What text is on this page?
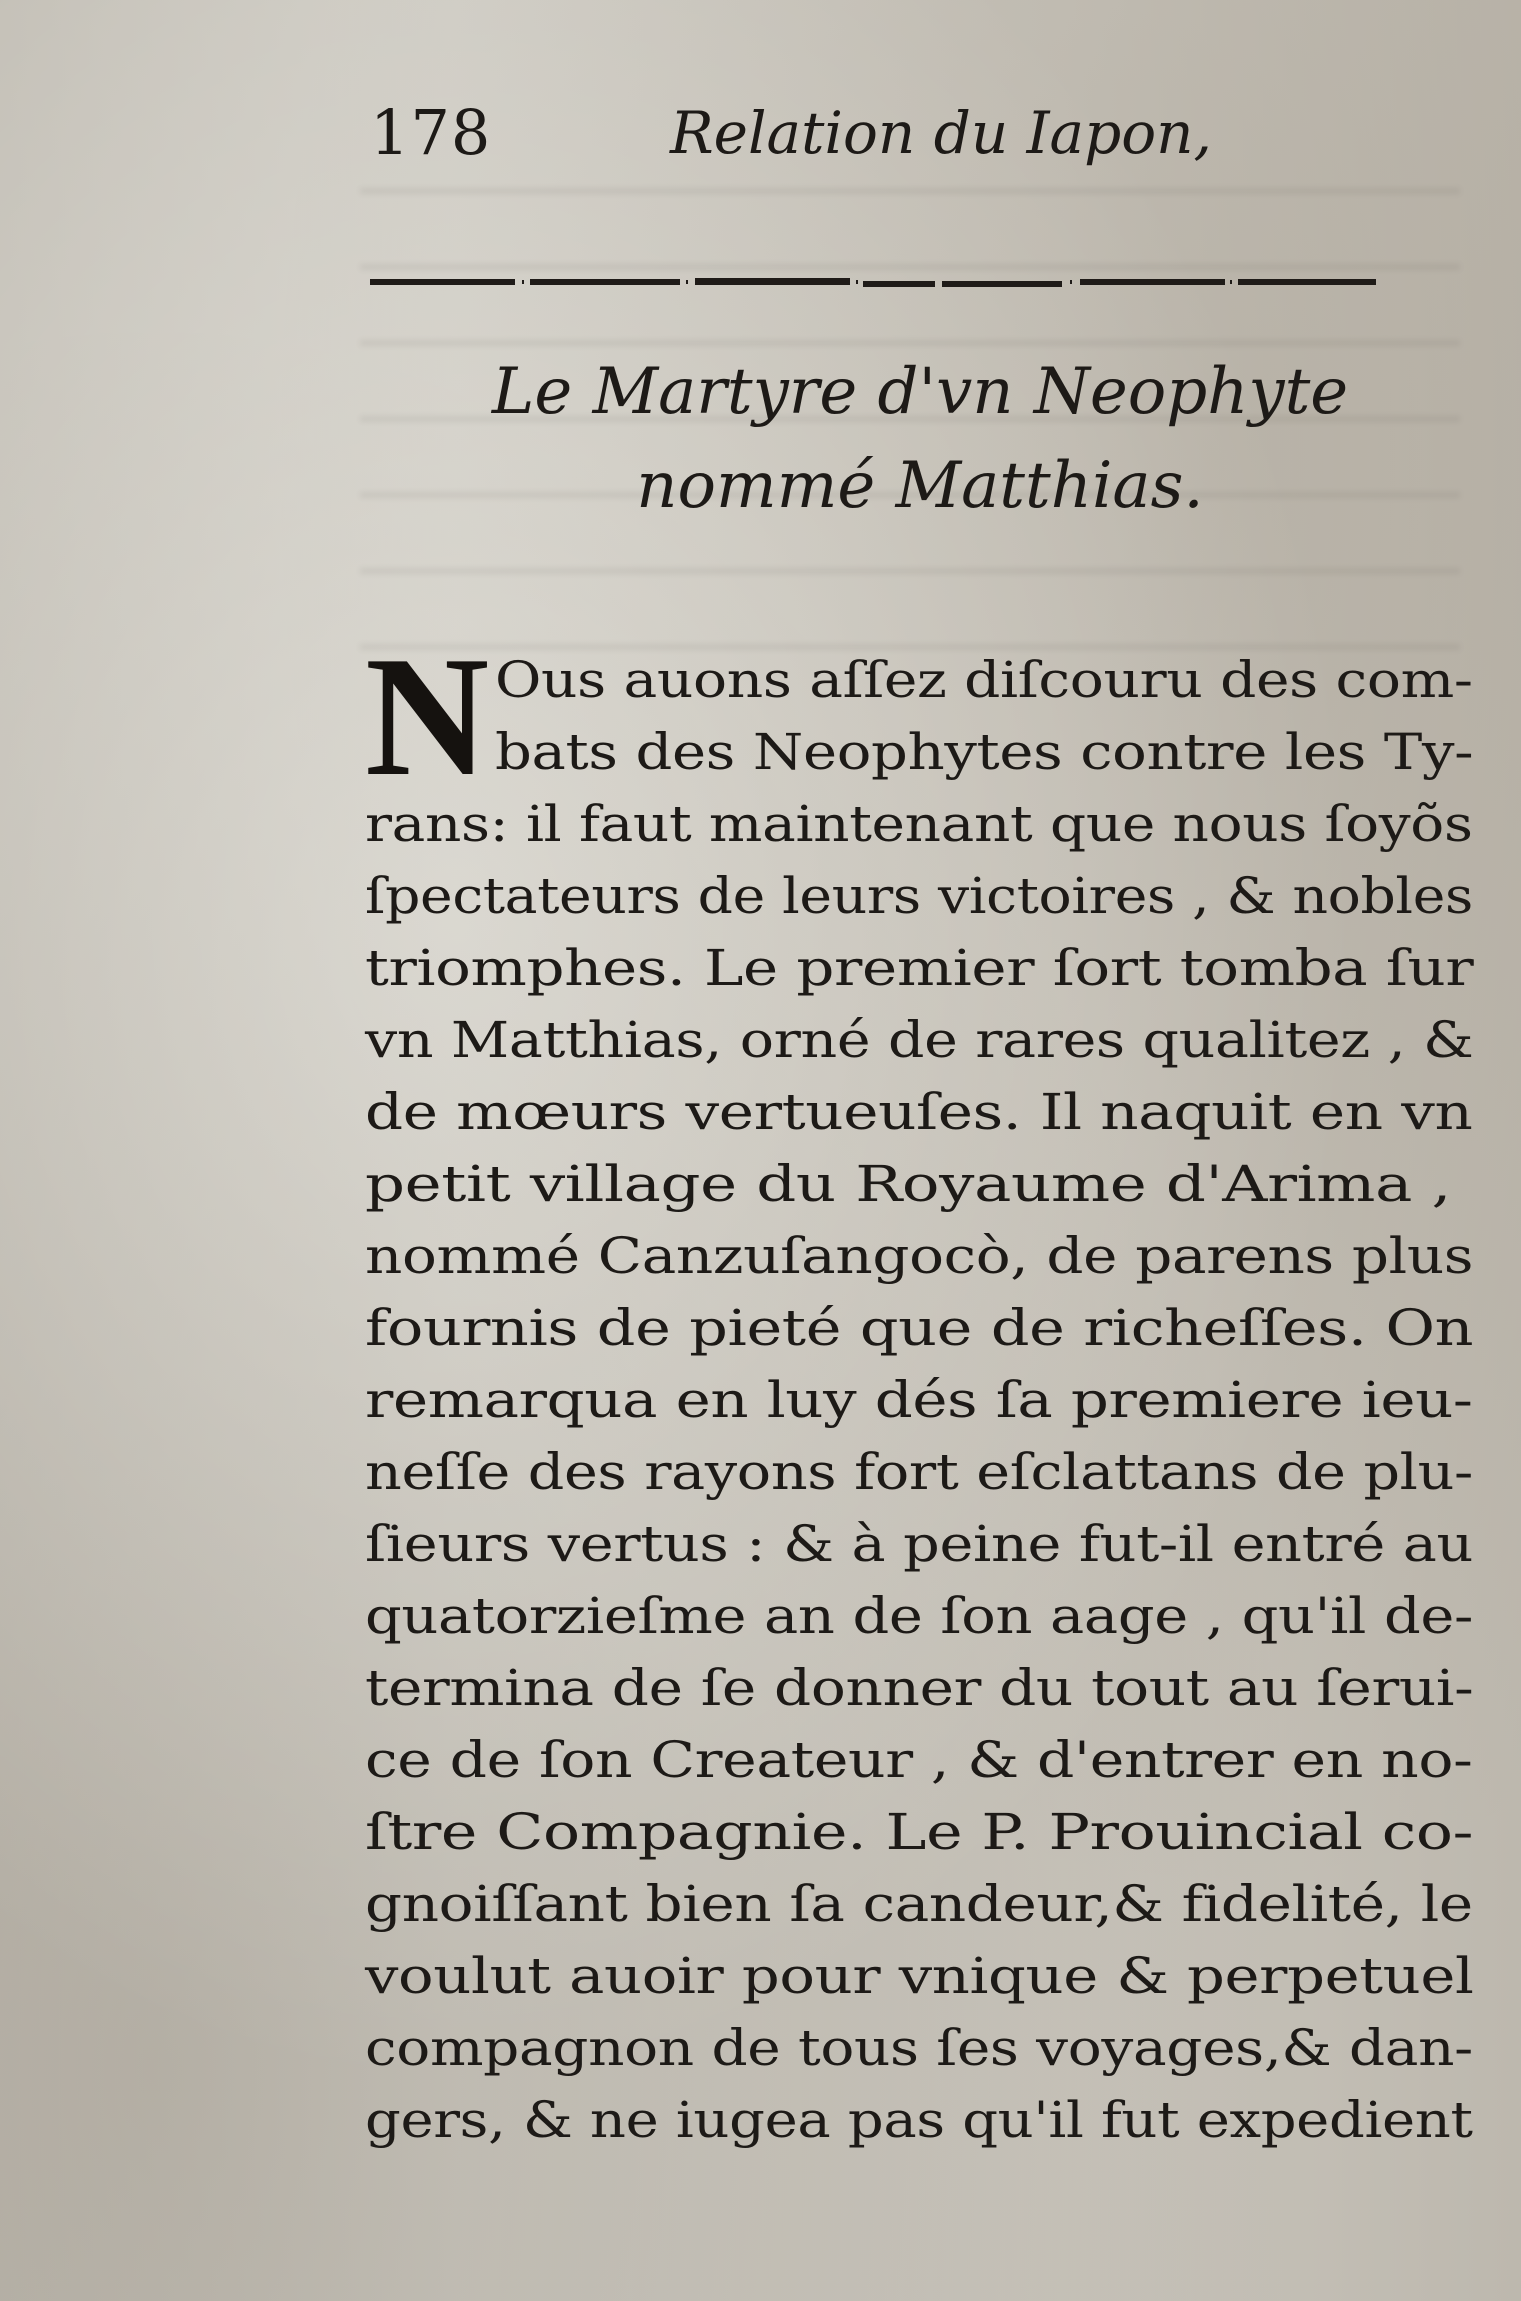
178	Relation du Iapon,
Le Martyre d'vn Neophyte
nommé Matthias.
N Ous auons aſſez diſcouru des com-
bats des Neophytes contre les Ty-
rans: il faut maintenant que nous ſoyõs
ſpectateurs de leurs victoires , & nobles
triomphes. Le premier ſort tomba ſur
vn Matthias, orné de rares qualitez , &
de mœurs vertueuſes. Il naquit en vn
petit village du Royaume d'Arima ,
nommé Canzuſangocò, de parens plus
fournis de pieté que de richeſſes. On
remarqua en luy dés ſa premiere ieu-
neſſe des rayons fort eſclattans de plu-
ſieurs vertus : & à peine fut-il entré au
quatorzieſme an de ſon aage , qu'il de-
termina de ſe donner du tout au ſerui-
ce de ſon Createur , & d'entrer en no-
ſtre Compagnie. Le P. Prouincial co-
gnoiſſant bien ſa candeur,& fidelité, le
voulut auoir pour vnique & perpetuel
compagnon de tous ſes voyages,& dan-
gers, & ne iugea pas qu'il fut expedient
